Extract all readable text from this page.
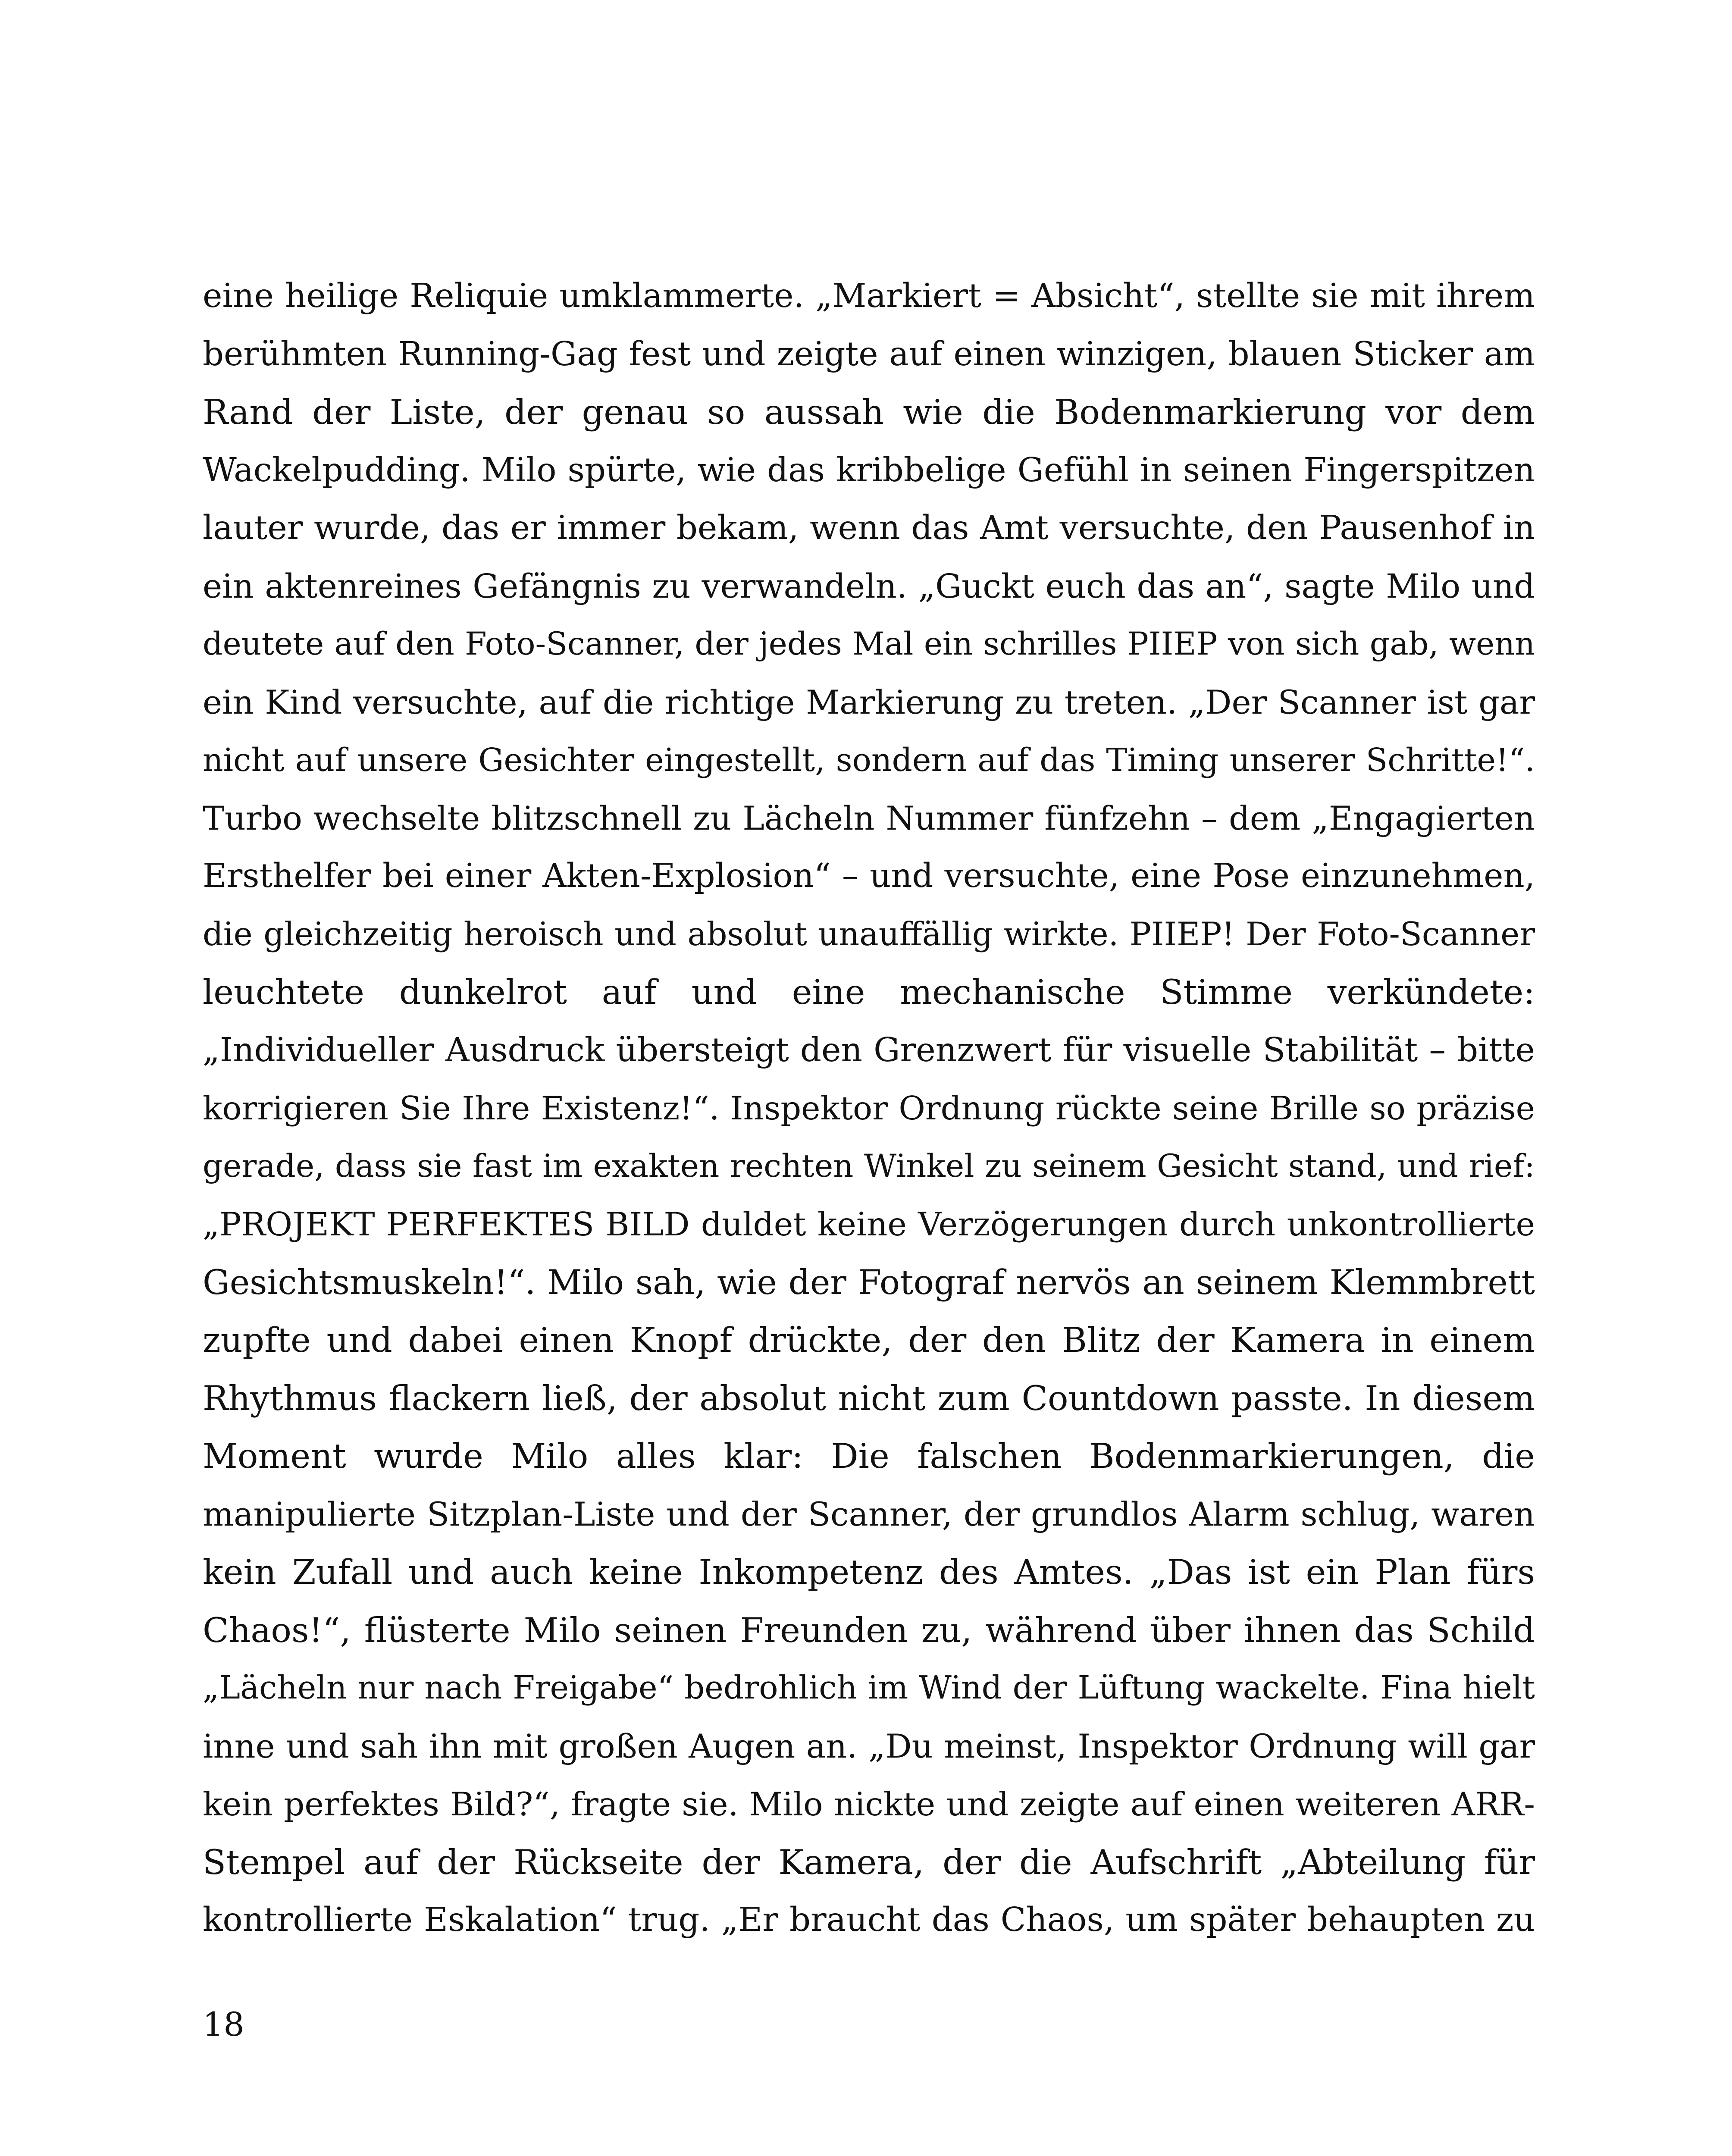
eine heilige Reliquie umklammerte. „Markiert = Absicht“, stellte sie mit ihrem
berühmten Running-Gag fest und zeigte auf einen winzigen, blauen Sticker am
Rand der Liste, der genau so aussah wie die Bodenmarkierung vor dem
Wackelpudding. Milo spürte, wie das kribbelige Gefühl in seinen Fingerspitzen
lauter wurde, das er immer bekam, wenn das Amt versuchte, den Pausenhof in
ein aktenreines Gefängnis zu verwandeln. „Guckt euch das an“, sagte Milo und
deutete auf den Foto-Scanner, der jedes Mal ein schrilles PIIEP von sich gab, wenn
ein Kind versuchte, auf die richtige Markierung zu treten. „Der Scanner ist gar
nicht auf unsere Gesichter eingestellt, sondern auf das Timing unserer Schritte!“.
Turbo wechselte blitzschnell zu Lächeln Nummer fünfzehn – dem „Engagierten
Ersthelfer bei einer Akten-Explosion“ – und versuchte, eine Pose einzunehmen,
die gleichzeitig heroisch und absolut unauffällig wirkte. PIIEP! Der Foto-Scanner
leuchtete dunkelrot auf und eine mechanische Stimme verkündete:
„Individueller Ausdruck übersteigt den Grenzwert für visuelle Stabilität – bitte
korrigieren Sie Ihre Existenz!“. Inspektor Ordnung rückte seine Brille so präzise
gerade, dass sie fast im exakten rechten Winkel zu seinem Gesicht stand, und rief:
„PROJEKT PERFEKTES BILD duldet keine Verzögerungen durch unkontrollierte
Gesichtsmuskeln!“. Milo sah, wie der Fotograf nervös an seinem Klemmbrett
zupfte und dabei einen Knopf drückte, der den Blitz der Kamera in einem
Rhythmus flackern ließ, der absolut nicht zum Countdown passte. In diesem
Moment wurde Milo alles klar: Die falschen Bodenmarkierungen, die
manipulierte Sitzplan-Liste und der Scanner, der grundlos Alarm schlug, waren
kein Zufall und auch keine Inkompetenz des Amtes. „Das ist ein Plan fürs
Chaos!“, flüsterte Milo seinen Freunden zu, während über ihnen das Schild
„Lächeln nur nach Freigabe“ bedrohlich im Wind der Lüftung wackelte. Fina hielt
inne und sah ihn mit großen Augen an. „Du meinst, Inspektor Ordnung will gar
kein perfektes Bild?“, fragte sie. Milo nickte und zeigte auf einen weiteren ARR-
Stempel auf der Rückseite der Kamera, der die Aufschrift „Abteilung für
kontrollierte Eskalation“ trug. „Er braucht das Chaos, um später behaupten zu
18
